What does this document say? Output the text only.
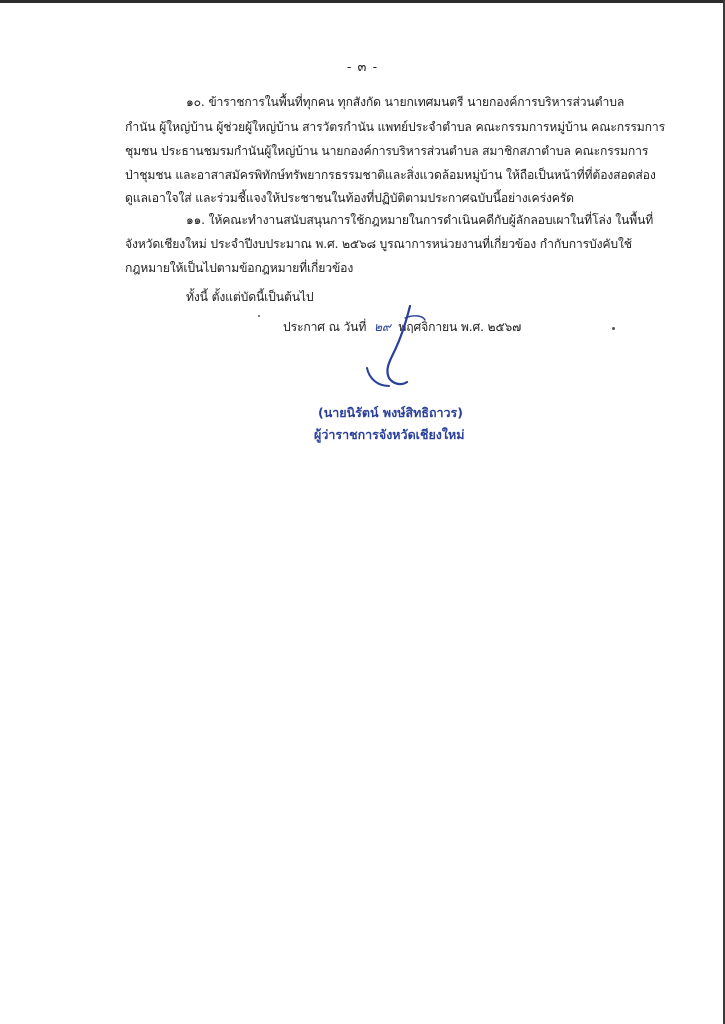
- ๓ -
๑๐. ข้าราชการในพื้นที่ทุกคน ทุกสังกัด นายกเทศมนตรี นายกองค์การบริหารส่วนตำบล
กำนัน ผู้ใหญ่บ้าน ผู้ช่วยผู้ใหญ่บ้าน สารวัตรกำนัน แพทย์ประจำตำบล คณะกรรมการหมู่บ้าน คณะกรรมการ
ชุมชน ประธานชมรมกำนันผู้ใหญ่บ้าน นายกองค์การบริหารส่วนตำบล สมาชิกสภาตำบล คณะกรรมการ
ป่าชุมชน และอาสาสมัครพิทักษ์ทรัพยากรธรรมชาติและสิ่งแวดล้อมหมู่บ้าน ให้ถือเป็นหน้าที่ที่ต้องสอดส่อง
ดูแลเอาใจใส่ และร่วมชี้แจงให้ประชาชนในท้องที่ปฏิบัติตามประกาศฉบับนี้อย่างเคร่งครัด
๑๑. ให้คณะทำงานสนับสนุนการใช้กฎหมายในการดำเนินคดีกับผู้ลักลอบเผาในที่โล่ง ในพื้นที่
จังหวัดเชียงใหม่ ประจำปีงบประมาณ พ.ศ. ๒๕๖๘ บูรณาการหน่วยงานที่เกี่ยวข้อง กำกับการบังคับใช้
กฎหมายให้เป็นไปตามข้อกฎหมายที่เกี่ยวข้อง
ทั้งนี้ ตั้งแต่บัดนี้เป็นต้นไป
ประกาศ ณ วันที่ ๒๙ พฤศจิกายน พ.ศ. ๒๕๖๗
(นายนิรัตน์ พงษ์สิทธิถาวร)
ผู้ว่าราชการจังหวัดเชียงใหม่
